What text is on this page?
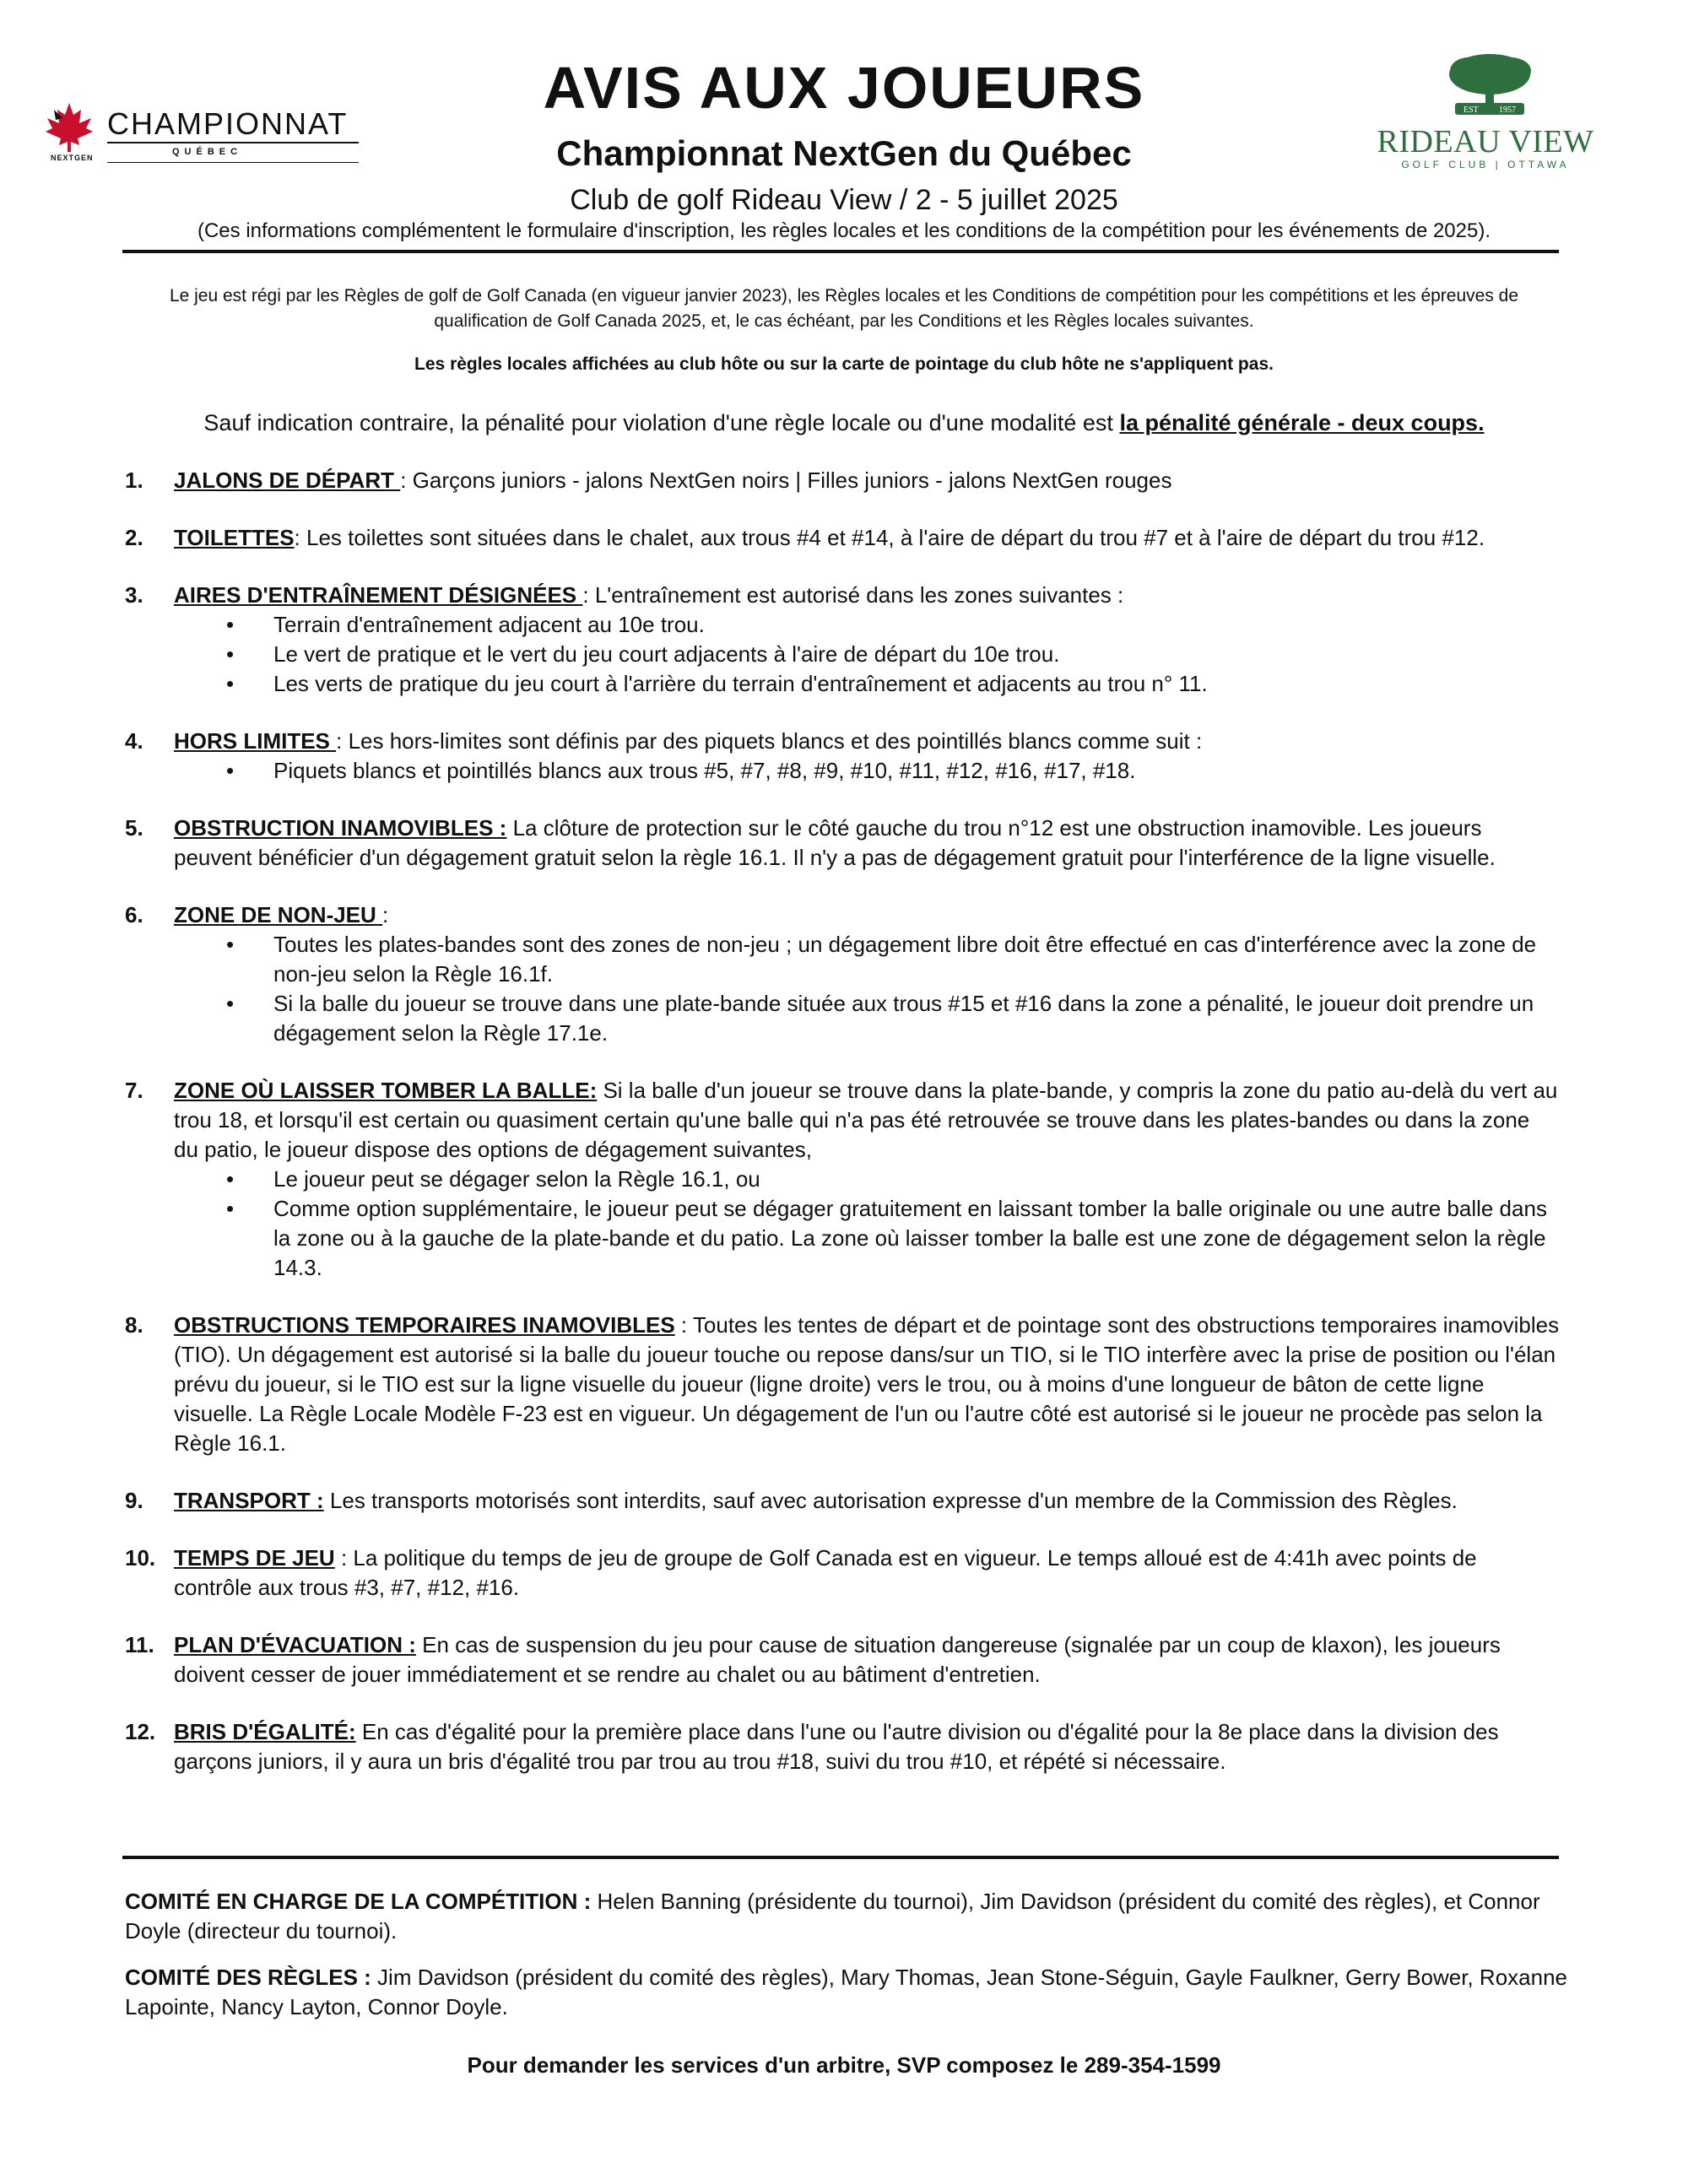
NEXTGEN
CHAMPIONNAT
QUÉBEC
EST 1957
RIDEAU VIEW
GOLF CLUB | OTTAWA
AVIS AUX JOUEURS
Championnat NextGen du Québec
Club de golf Rideau View / 2 - 5 juillet 2025
(Ces informations complémentent le formulaire d'inscription, les règles locales et les conditions de la compétition pour les événements de 2025).
Le jeu est régi par les Règles de golf de Golf Canada (en vigueur janvier 2023), les Règles locales et les Conditions de compétition pour les compétitions et les épreuves de qualification de Golf Canada 2025, et, le cas échéant, par les Conditions et les Règles locales suivantes.
Les règles locales affichées au club hôte ou sur la carte de pointage du club hôte ne s'appliquent pas.
Sauf indication contraire, la pénalité pour violation d'une règle locale ou d'une modalité est la pénalité générale - deux coups.
1. JALONS DE DÉPART : Garçons juniors - jalons NextGen noirs | Filles juniors - jalons NextGen rouges
2. TOILETTES: Les toilettes sont situées dans le chalet, aux trous #4 et #14, à l'aire de départ du trou #7 et à l'aire de départ du trou #12.
3. AIRES D'ENTRAÎNEMENT DÉSIGNÉES : L'entraînement est autorisé dans les zones suivantes :
• Terrain d'entraînement adjacent au 10e trou.
• Le vert de pratique et le vert du jeu court adjacents à l'aire de départ du 10e trou.
• Les verts de pratique du jeu court à l'arrière du terrain d'entraînement et adjacents au trou n° 11.
4. HORS LIMITES : Les hors-limites sont définis par des piquets blancs et des pointillés blancs comme suit :
• Piquets blancs et pointillés blancs aux trous #5, #7, #8, #9, #10, #11, #12, #16, #17, #18.
5. OBSTRUCTION INAMOVIBLES : La clôture de protection sur le côté gauche du trou n°12 est une obstruction inamovible. Les joueurs peuvent bénéficier d'un dégagement gratuit selon la règle 16.1. Il n'y a pas de dégagement gratuit pour l'interférence de la ligne visuelle.
6. ZONE DE NON-JEU :
• Toutes les plates-bandes sont des zones de non-jeu ; un dégagement libre doit être effectué en cas d'interférence avec la zone de non-jeu selon la Règle 16.1f.
• Si la balle du joueur se trouve dans une plate-bande située aux trous #15 et #16 dans la zone a pénalité, le joueur doit prendre un dégagement selon la Règle 17.1e.
7. ZONE OÙ LAISSER TOMBER LA BALLE: Si la balle d'un joueur se trouve dans la plate-bande, y compris la zone du patio au-delà du vert au trou 18, et lorsqu'il est certain ou quasiment certain qu'une balle qui n'a pas été retrouvée se trouve dans les plates-bandes ou dans la zone du patio, le joueur dispose des options de dégagement suivantes,
• Le joueur peut se dégager selon la Règle 16.1, ou
• Comme option supplémentaire, le joueur peut se dégager gratuitement en laissant tomber la balle originale ou une autre balle dans la zone ou à la gauche de la plate-bande et du patio. La zone où laisser tomber la balle est une zone de dégagement selon la règle 14.3.
8. OBSTRUCTIONS TEMPORAIRES INAMOVIBLES : Toutes les tentes de départ et de pointage sont des obstructions temporaires inamovibles (TIO). Un dégagement est autorisé si la balle du joueur touche ou repose dans/sur un TIO, si le TIO interfère avec la prise de position ou l'élan prévu du joueur, si le TIO est sur la ligne visuelle du joueur (ligne droite) vers le trou, ou à moins d'une longueur de bâton de cette ligne visuelle. La Règle Locale Modèle F-23 est en vigueur. Un dégagement de l'un ou l'autre côté est autorisé si le joueur ne procède pas selon la Règle 16.1.
9. TRANSPORT : Les transports motorisés sont interdits, sauf avec autorisation expresse d'un membre de la Commission des Règles.
10. TEMPS DE JEU : La politique du temps de jeu de groupe de Golf Canada est en vigueur. Le temps alloué est de 4:41h avec points de contrôle aux trous #3, #7, #12, #16.
11. PLAN D'ÉVACUATION : En cas de suspension du jeu pour cause de situation dangereuse (signalée par un coup de klaxon), les joueurs doivent cesser de jouer immédiatement et se rendre au chalet ou au bâtiment d'entretien.
12. BRIS D'ÉGALITÉ: En cas d'égalité pour la première place dans l'une ou l'autre division ou d'égalité pour la 8e place dans la division des garçons juniors, il y aura un bris d'égalité trou par trou au trou #18, suivi du trou #10, et répété si nécessaire.
COMITÉ EN CHARGE DE LA COMPÉTITION : Helen Banning (présidente du tournoi), Jim Davidson (président du comité des règles), et Connor Doyle (directeur du tournoi).
COMITÉ DES RÈGLES : Jim Davidson (président du comité des règles), Mary Thomas, Jean Stone-Séguin, Gayle Faulkner, Gerry Bower, Roxanne Lapointe, Nancy Layton, Connor Doyle.
Pour demander les services d'un arbitre, SVP composez le 289-354-1599
